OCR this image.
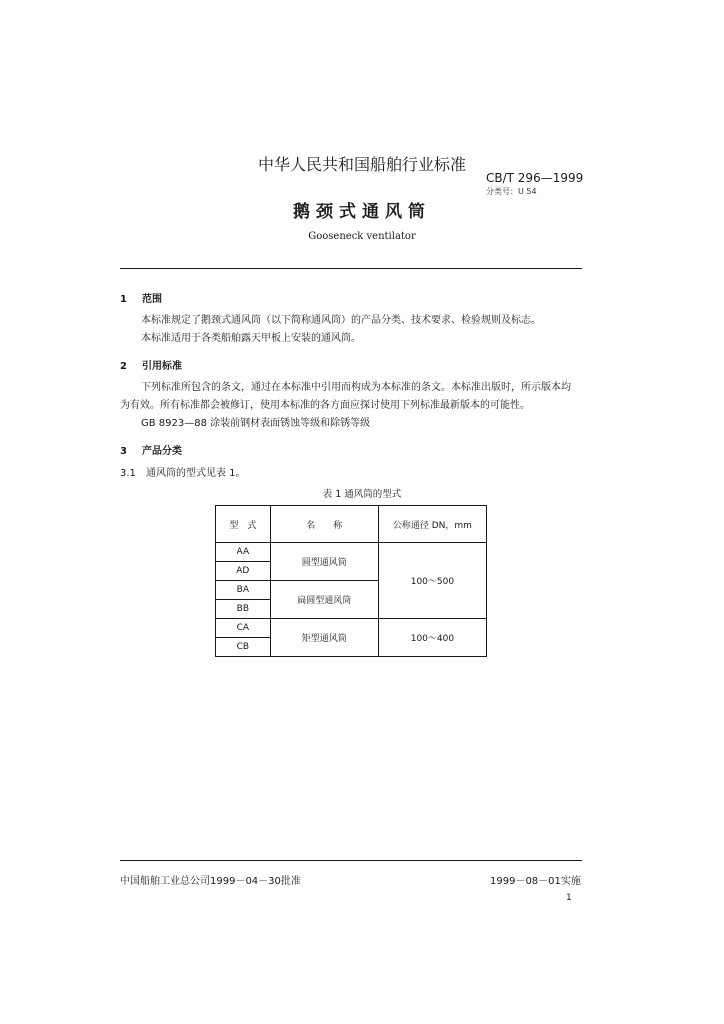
中华人民共和国船舶行业标准
CB/T 296—1999
分类号：U 54
鹅颈式通风筒
Gooseneck ventilator
1 范围
本标准规定了鹅颈式通风筒（以下简称通风筒）的产品分类、技术要求、检验规则及标志。
本标准适用于各类船舶露天甲板上安装的通风筒。
2 引用标准
下列标准所包含的条文，通过在本标准中引用而构成为本标准的条文。本标准出版时，所示版本均
为有效。所有标准都会被修订，使用本标准的各方面应探讨使用下列标准最新版本的可能性。
GB 8923—88 涂装前钢材表面锈蚀等级和除锈等级
3 产品分类
3.1 通风筒的型式见表 1。
表 1 通风筒的型式
型　式	名　　称	公称通径 DN，mm
AA	圆型通风筒	100～500
AD		
BA	扁圆型通风筒	
BB		
CA	矩型通风筒	100～400
CB		
中国船舶工业总公司1999－04－30批准	1999－08－01实施
1
